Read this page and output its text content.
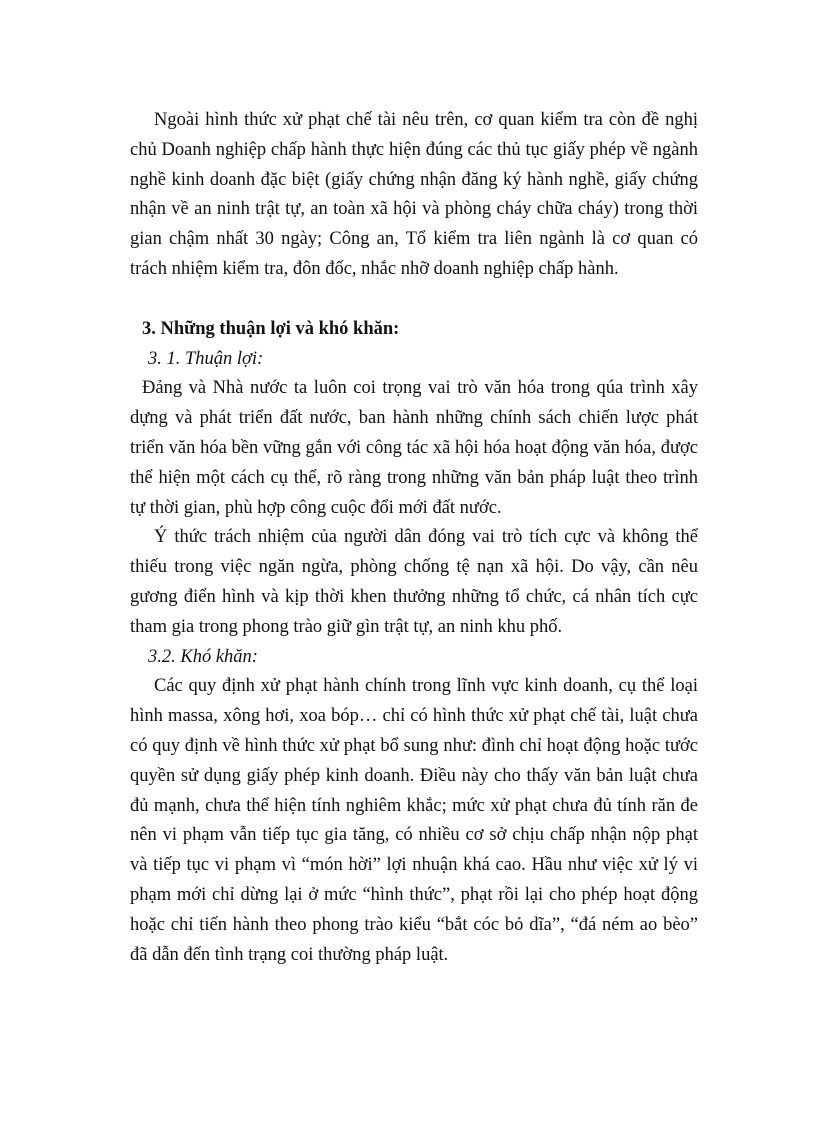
Ngoài hình thức xử phạt chế tài nêu trên, cơ quan kiểm tra còn đề nghị chủ Doanh nghiệp chấp hành thực hiện đúng các thủ tục giấy phép về ngành nghề kinh doanh đặc biệt (giấy chứng nhận đăng ký hành nghề, giấy chứng nhận về an ninh trật tự, an toàn xã hội và phòng cháy chữa cháy) trong thời gian chậm nhất 30 ngày; Công an, Tổ kiểm tra liên ngành là cơ quan có trách nhiệm kiểm tra, đôn đốc, nhắc nhỡ doanh nghiệp chấp hành.

3. Những thuận lợi và khó khăn:

3. 1. Thuận lợi:

Đảng và Nhà nước ta luôn coi trọng vai trò văn hóa trong qúa trình xây dựng và phát triển đất nước, ban hành những chính sách chiến lược phát triển văn hóa bền vững gắn với công tác xã hội hóa hoạt động văn hóa, được thể hiện một cách cụ thể, rõ ràng trong những văn bản pháp luật theo trình tự thời gian, phù hợp công cuộc đổi mới đất nước.

Ý thức trách nhiệm của người dân đóng vai trò tích cực và không thể thiếu trong việc ngăn ngừa, phòng chống tệ nạn xã hội. Do vậy, cần nêu gương điển hình và kịp thời khen thưởng những tổ chức, cá nhân tích cực tham gia trong phong trào giữ gìn trật tự, an ninh khu phố.

3.2. Khó khăn:

Các quy định xử phạt hành chính trong lĩnh vực kinh doanh, cụ thể loại hình massa, xông hơi, xoa bóp… chỉ có hình thức xử phạt chế tài, luật chưa có quy định về hình thức xử phạt bổ sung như: đình chỉ hoạt động hoặc tước quyền sử dụng giấy phép kinh doanh. Điều này cho thấy văn bản luật chưa đủ mạnh, chưa thể hiện tính nghiêm khắc; mức xử phạt chưa đủ tính răn đe nên vi phạm vẫn tiếp tục gia tăng, có nhiều cơ sở chịu chấp nhận nộp phạt và tiếp tục vi phạm vì “món hời” lợi nhuận khá cao. Hầu như việc xử lý vi phạm mới chỉ dừng lại ở mức “hình thức”, phạt rồi lại cho phép hoạt động hoặc chỉ tiến hành theo phong trào kiểu “bắt cóc bỏ dĩa”, “đá ném ao bèo” đã dẫn đến tình trạng coi thường pháp luật.
